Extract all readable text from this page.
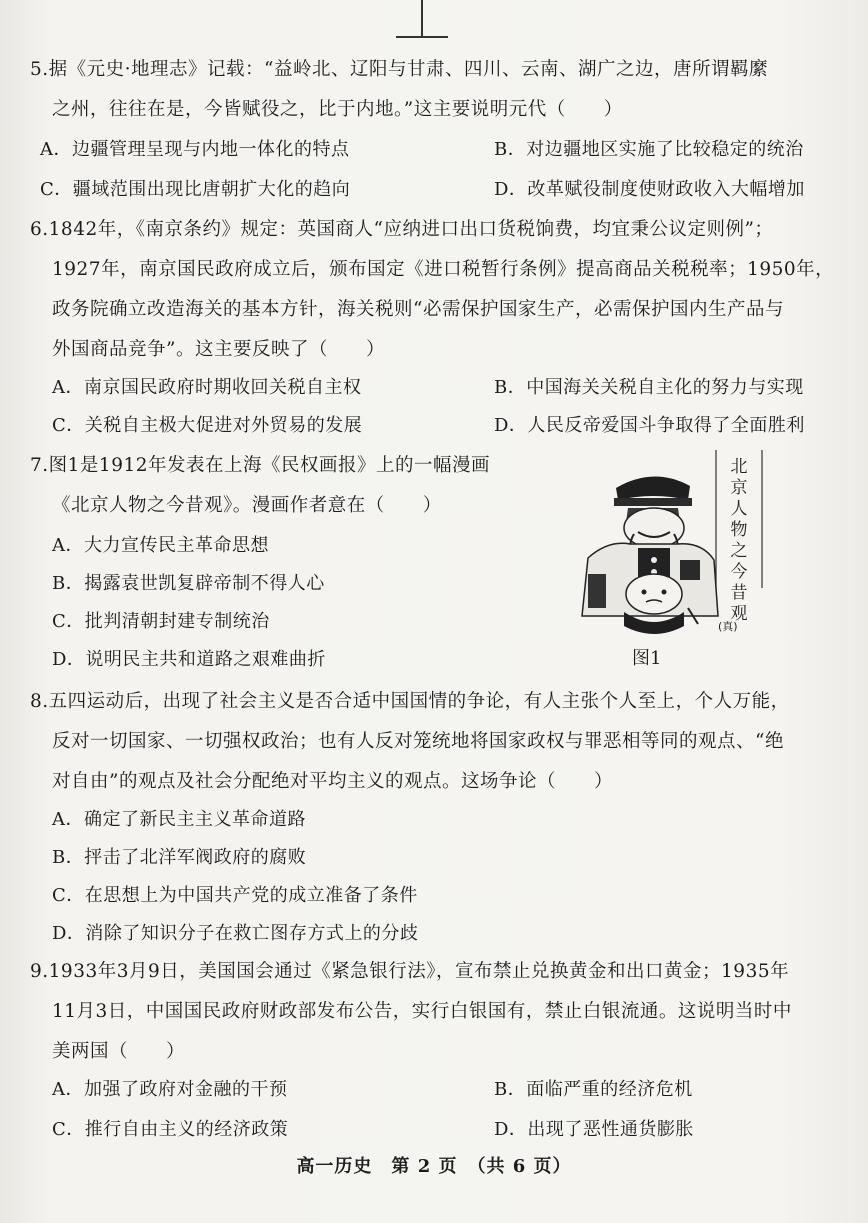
5.据《元史·地理志》记载：“益岭北、辽阳与甘肃、四川、云南、湖广之边，唐所谓羁縻
之州，往往在是，今皆赋役之，比于内地。”这主要说明元代（　　）
A．边疆管理呈现与内地一体化的特点	B．对边疆地区实施了比较稳定的统治
C．疆域范围出现比唐朝扩大化的趋向	D．改革赋役制度使财政收入大幅增加
6.1842年，《南京条约》规定：英国商人“应纳进口出口货税饷费，均宜秉公议定则例”；
1927年，南京国民政府成立后，颁布国定《进口税暂行条例》提高商品关税税率；1950年，
政务院确立改造海关的基本方针，海关税则“必需保护国家生产，必需保护国内生产品与
外国商品竞争”。这主要反映了（　　）
A．南京国民政府时期收回关税自主权	B．中国海关关税自主化的努力与实现
C．关税自主极大促进对外贸易的发展	D．人民反帝爱国斗争取得了全面胜利
7.图1是1912年发表在上海《民权画报》上的一幅漫画
《北京人物之今昔观》。漫画作者意在（　　）
A．大力宣传民主革命思想
B．揭露袁世凯复辟帝制不得人心
C．批判清朝封建专制统治
D．说明民主共和道路之艰难曲折
北
京
人
物
之
今
昔
观
(真)
图1
8.五四运动后，出现了社会主义是否合适中国国情的争论，有人主张个人至上，个人万能，
反对一切国家、一切强权政治；也有人反对笼统地将国家政权与罪恶相等同的观点、“绝
对自由”的观点及社会分配绝对平均主义的观点。这场争论（　　）
A．确定了新民主主义革命道路
B．抨击了北洋军阀政府的腐败
C．在思想上为中国共产党的成立准备了条件
D．消除了知识分子在救亡图存方式上的分歧
9.1933年3月9日，美国国会通过《紧急银行法》，宣布禁止兑换黄金和出口黄金；1935年
11月3日，中国国民政府财政部发布公告，实行白银国有，禁止白银流通。这说明当时中
美两国（　　）
A．加强了政府对金融的干预	B．面临严重的经济危机
C．推行自由主义的经济政策	D．出现了恶性通货膨胀
高一历史　第 2 页　（共 6 页）
